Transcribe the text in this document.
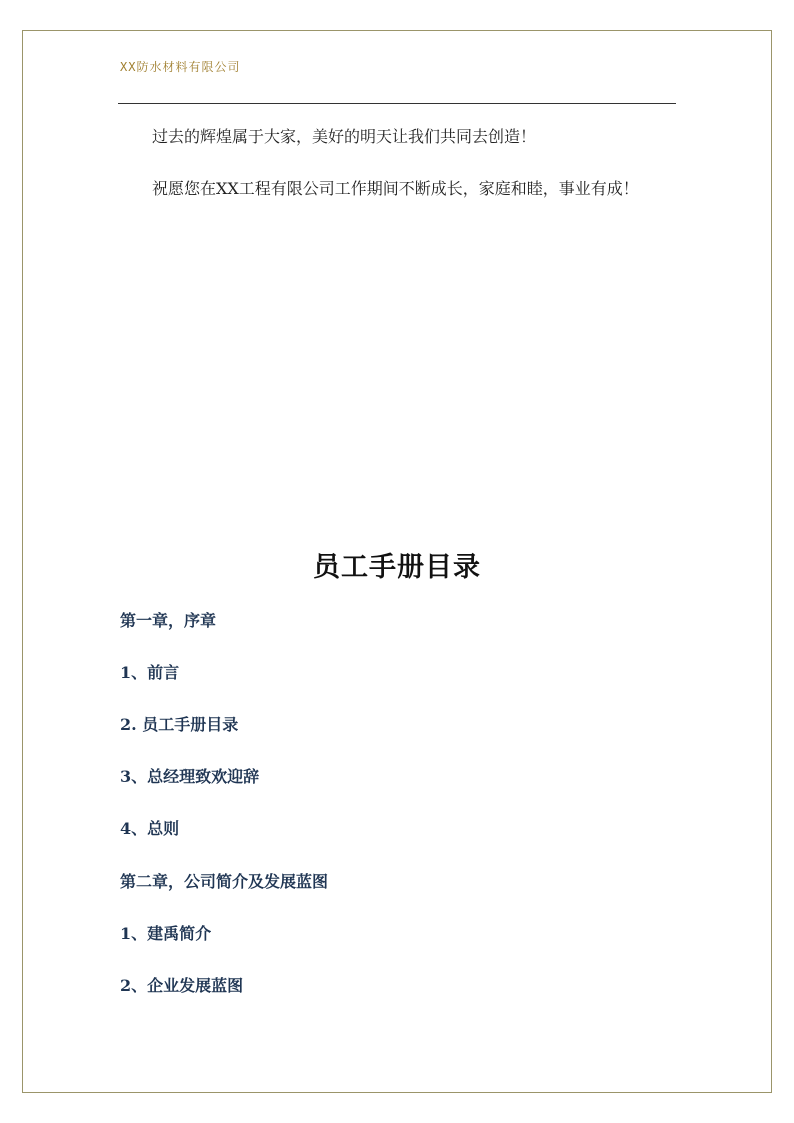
XX防水材料有限公司
过去的辉煌属于大家，美好的明天让我们共同去创造！
祝愿您在XX工程有限公司工作期间不断成长，家庭和睦，事业有成！
员工手册目录
第一章，序章
1、前言
2. 员工手册目录
3、总经理致欢迎辞
4、总则
第二章，公司简介及发展蓝图
1、建禹简介
2、企业发展蓝图
